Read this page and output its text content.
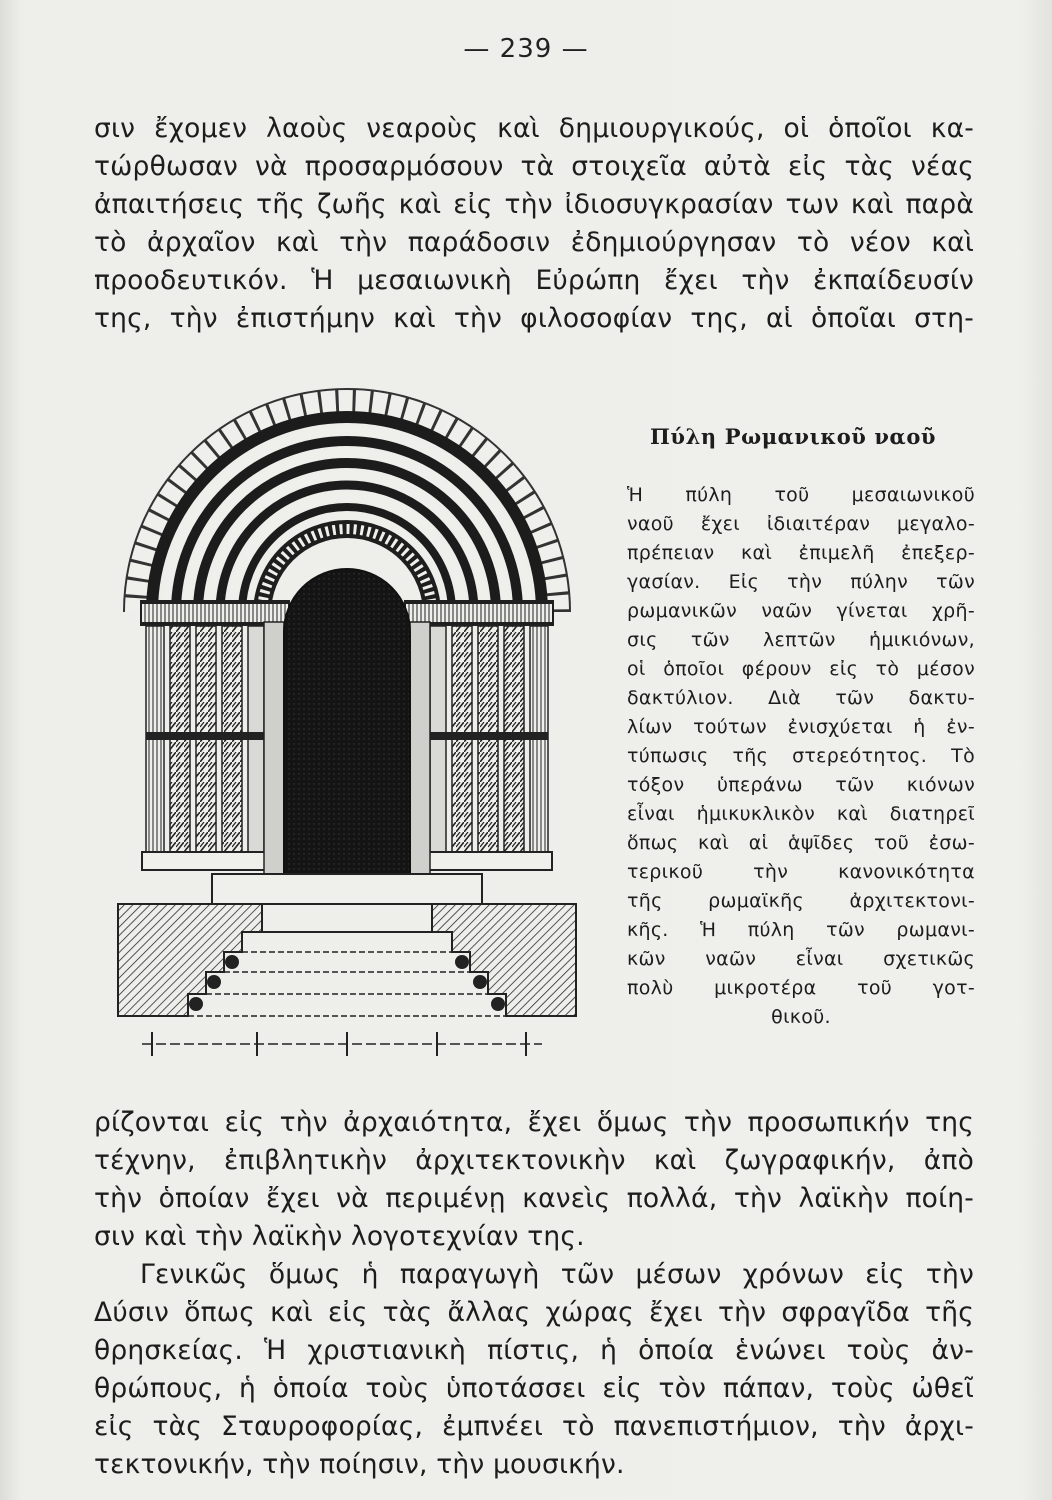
— 239 —
σιν ἔχομεν λαοὺς νεαροὺς καὶ δημιουργικούς, οἱ ὁποῖοι κα-
τώρθωσαν νὰ προσαρμόσουν τὰ στοιχεῖα αὐτὰ εἰς τὰς νέας
ἀπαιτήσεις τῆς ζωῆς καὶ εἰς τὴν ἰδιοσυγκρασίαν των καὶ παρὰ
τὸ ἀρχαῖον καὶ τὴν παράδοσιν ἐδημιούργησαν τὸ νέον καὶ
προοδευτικόν. Ἡ μεσαιωνικὴ Εὐρώπη ἔχει τὴν ἐκπαίδευσίν
της, τὴν ἐπιστήμην καὶ τὴν φιλοσοφίαν της, αἱ ὁποῖαι στη-
Πύλη Ρωμανικοῦ ναοῦ
Ἡ πύλη τοῦ μεσαιωνικοῦ
ναοῦ ἔχει ἰδιαιτέραν μεγαλο-
πρέπειαν καὶ ἐπιμελῆ ἐπεξερ-
γασίαν. Εἰς τὴν πύλην τῶν
ρωμανικῶν ναῶν γίνεται χρῆ-
σις τῶν λεπτῶν ἡμικιόνων,
οἱ ὁποῖοι φέρουν εἰς τὸ μέσον
δακτύλιον. Διὰ τῶν δακτυ-
λίων τούτων ἐνισχύεται ἡ ἐν-
τύπωσις τῆς στερεότητος. Τὸ
τόξον ὑπεράνω τῶν κιόνων
εἶναι ἡμικυκλικὸν καὶ διατηρεῖ
ὅπως καὶ αἱ ἁψῖδες τοῦ ἐσω-
τερικοῦ τὴν κανονικότητα
τῆς ρωμαϊκῆς ἀρχιτεκτονι-
κῆς. Ἡ πύλη τῶν ρωμανι-
κῶν ναῶν εἶναι σχετικῶς
πολὺ μικροτέρα τοῦ γοτ-
θικοῦ.
ρίζονται εἰς τὴν ἀρχαιότητα, ἔχει ὅμως τὴν προσωπικήν της
τέχνην, ἐπιβλητικὴν ἀρχιτεκτονικὴν καὶ ζωγραφικήν, ἀπὸ
τὴν ὁποίαν ἔχει νὰ περιμένῃ κανεὶς πολλά, τὴν λαϊκὴν ποίη-
σιν καὶ τὴν λαϊκὴν λογοτεχνίαν της.
Γενικῶς ὅμως ἡ παραγωγὴ τῶν μέσων χρόνων εἰς τὴν
Δύσιν ὅπως καὶ εἰς τὰς ἄλλας χώρας ἔχει τὴν σφραγῖδα τῆς
θρησκείας. Ἡ χριστιανικὴ πίστις, ἡ ὁποία ἑνώνει τοὺς ἀν-
θρώπους, ἡ ὁποία τοὺς ὑποτάσσει εἰς τὸν πάπαν, τοὺς ὠθεῖ
εἰς τὰς Σταυροφορίας, ἐμπνέει τὸ πανεπιστήμιον, τὴν ἀρχι-
τεκτονικήν, τὴν ποίησιν, τὴν μουσικήν.
